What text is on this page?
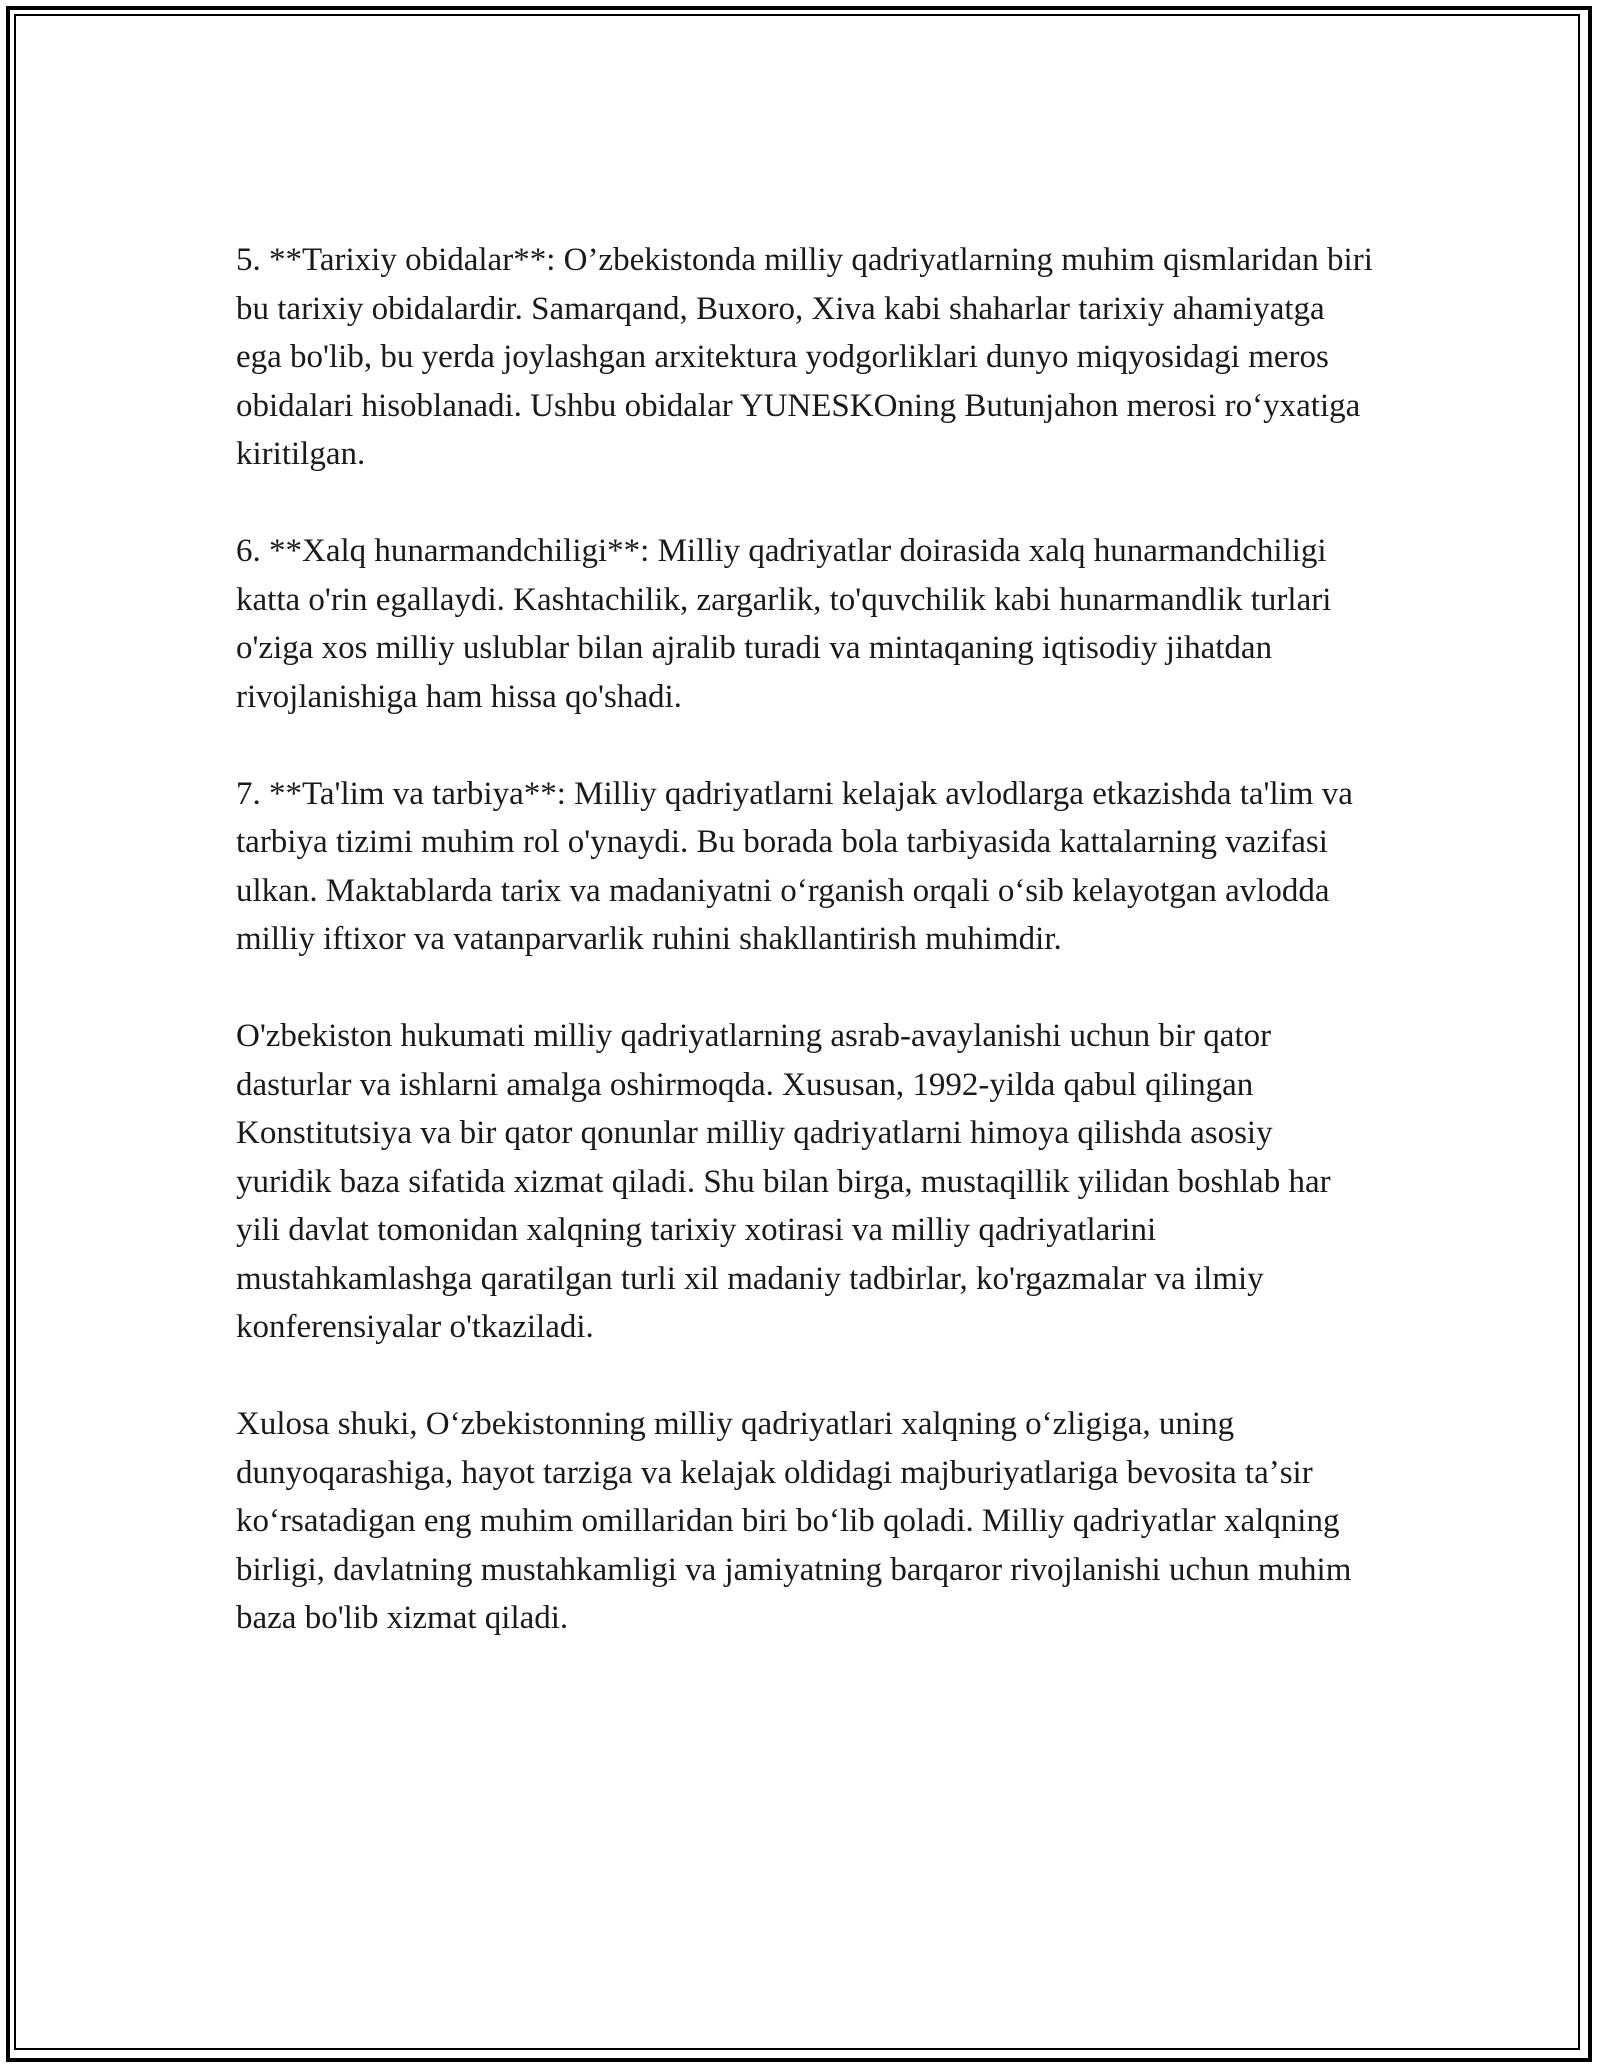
5. **Tarixiy obidalar**: O’zbekistonda milliy qadriyatlarning muhim qismlaridan biri bu tarixiy obidalardir. Samarqand, Buxoro, Xiva kabi shaharlar tarixiy ahamiyatga ega bo'lib, bu yerda joylashgan arxitektura yodgorliklari dunyo miqyosidagi meros obidalari hisoblanadi. Ushbu obidalar YUNESKOning Butunjahon merosi roʻyxatiga kiritilgan.

6. **Xalq hunarmandchiligi**: Milliy qadriyatlar doirasida xalq hunarmandchiligi katta o'rin egallaydi. Kashtachilik, zargarlik, to'quvchilik kabi hunarmandlik turlari o'ziga xos milliy uslublar bilan ajralib turadi va mintaqaning iqtisodiy jihatdan rivojlanishiga ham hissa qo'shadi.

7. **Ta'lim va tarbiya**: Milliy qadriyatlarni kelajak avlodlarga etkazishda ta'lim va tarbiya tizimi muhim rol o'ynaydi. Bu borada bola tarbiyasida kattalarning vazifasi ulkan. Maktablarda tarix va madaniyatni oʻrganish orqali oʻsib kelayotgan avlodda milliy iftixor va vatanparvarlik ruhini shakllantirish muhimdir.

O'zbekiston hukumati milliy qadriyatlarning asrab-avaylanishi uchun bir qator dasturlar va ishlarni amalga oshirmoqda. Xususan, 1992-yilda qabul qilingan Konstitutsiya va bir qator qonunlar milliy qadriyatlarni himoya qilishda asosiy yuridik baza sifatida xizmat qiladi. Shu bilan birga, mustaqillik yilidan boshlab har yili davlat tomonidan xalqning tarixiy xotirasi va milliy qadriyatlarini mustahkamlashga qaratilgan turli xil madaniy tadbirlar, ko'rgazmalar va ilmiy konferensiyalar o'tkaziladi.

Xulosa shuki, Oʻzbekistonning milliy qadriyatlari xalqning oʻzligiga, uning dunyoqarashiga, hayot tarziga va kelajak oldidagi majburiyatlariga bevosita taʼsir koʻrsatadigan eng muhim omillaridan biri boʻlib qoladi. Milliy qadriyatlar xalqning birligi, davlatning mustahkamligi va jamiyatning barqaror rivojlanishi uchun muhim baza bo'lib xizmat qiladi.
